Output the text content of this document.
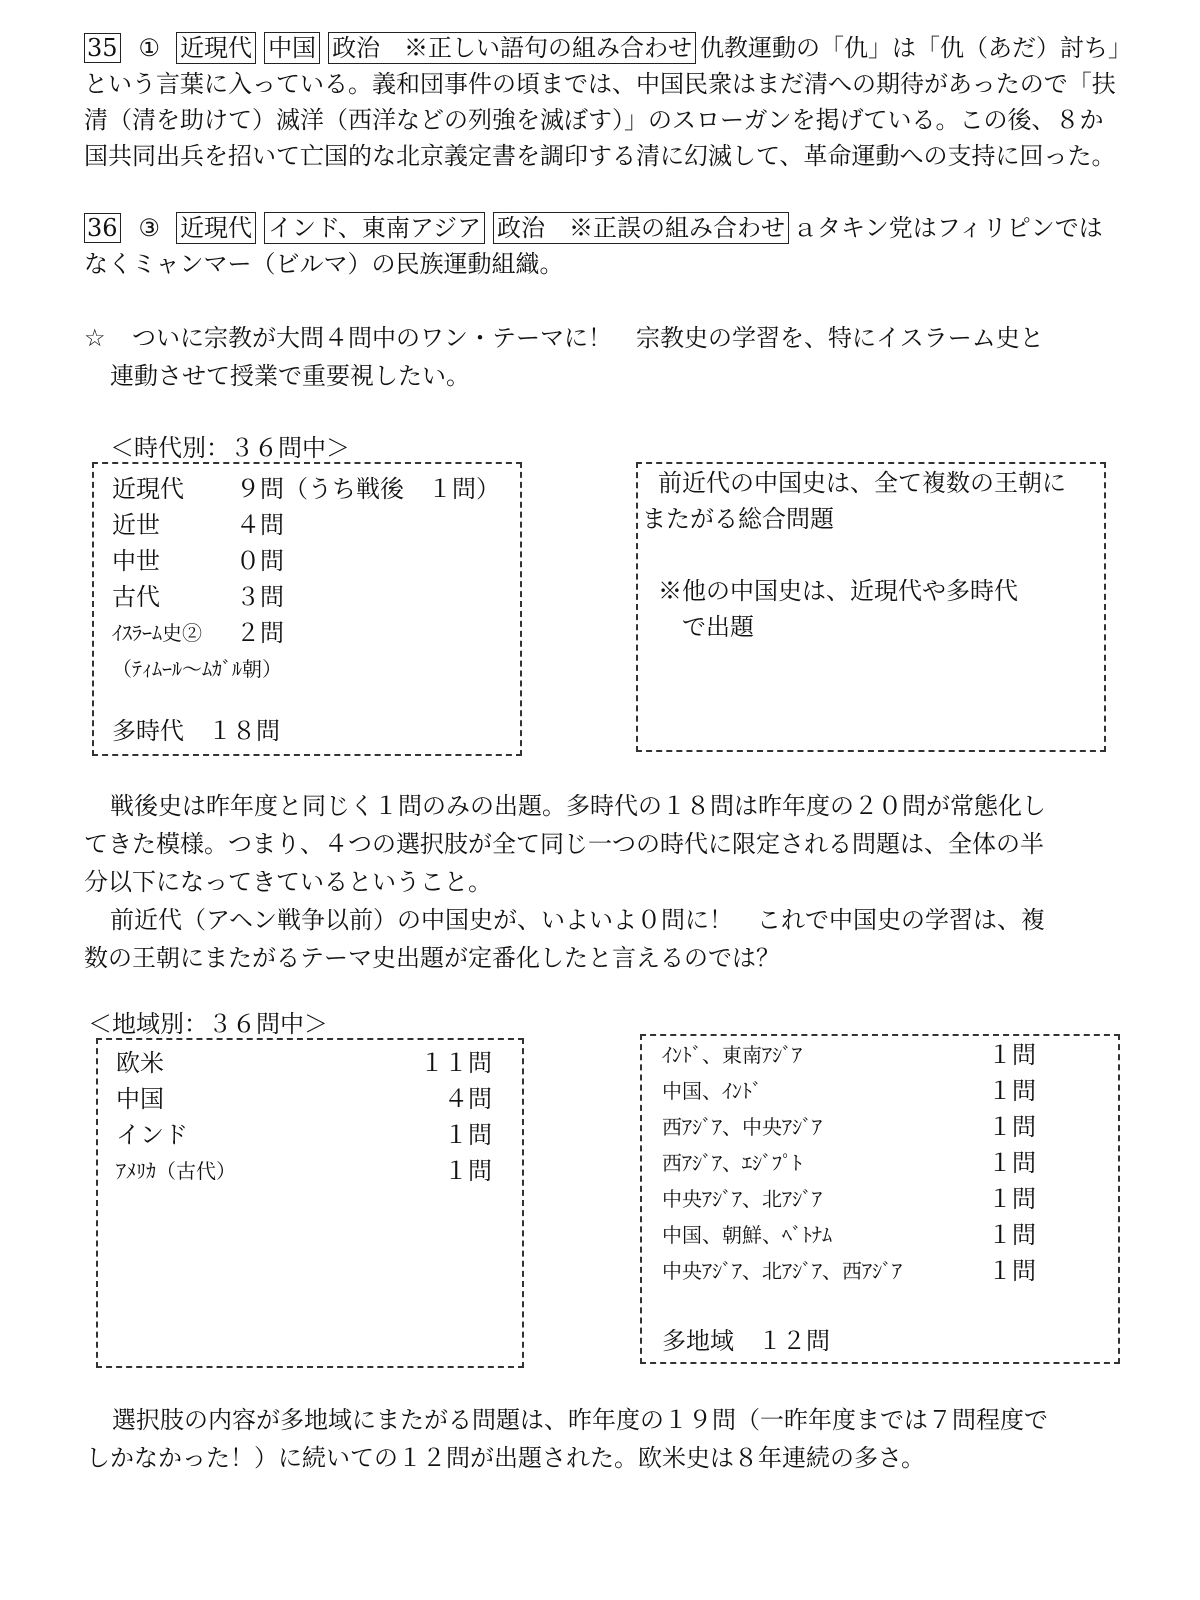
35 ① 近現代 中国 政治　※正しい語句の組み合わせ 仇教運動の「仇」は「仇（あだ）討ち」という言葉に入っている。義和団事件の頃までは、中国民衆はまだ清への期待があったので「扶清（清を助けて）滅洋（西洋などの列強を滅ぼす）」のスローガンを掲げている。この後、８か国共同出兵を招いて亡国的な北京義定書を調印する清に幻滅して、革命運動への支持に回った。

36 ③ 近現代 インド、東南アジア 政治　※正誤の組み合わせ ａタキン党はフィリピンではなくミャンマー（ビルマ）の民族運動組織。

☆ ついに宗教が大問４問中のワン・テーマに！　宗教史の学習を、特にイスラーム史と
連動させて授業で重要視したい。
＜時代別：３６問中＞
近現代 ９問（うち戦後　１問）
近世	４問
中世	０問
古代	３問
ｲｽﾗｰﾑ史② ２問
（ﾃｨﾑｰﾙ〜ﾑｶﾞﾙ朝）
多時代　１８問
前近代の中国史は、全て複数の王朝に
またがる総合問題
※他の中国史は、近現代や多時代
で出題
戦後史は昨年度と同じく１問のみの出題。多時代の１８問は昨年度の２０問が常態化し
てきた模様。つまり、４つの選択肢が全て同じ一つの時代に限定される問題は、全体の半
分以下になってきているということ。
前近代（アヘン戦争以前）の中国史が、いよいよ０問に！　これで中国史の学習は、複
数の王朝にまたがるテーマ史出題が定番化したと言えるのでは？
＜地域別：３６問中＞
欧米	１１問
中国	４問
インド	１問
ｱﾒﾘｶ（古代）	１問
ｲﾝﾄﾞ、東南ｱｼﾞｱ	１問
中国、ｲﾝﾄﾞ	１問
西ｱｼﾞｱ、中央ｱｼﾞｱ	１問
西ｱｼﾞｱ、ｴｼﾞﾌﾟﾄ	１問
中央ｱｼﾞｱ、北ｱｼﾞｱ	１問
中国、朝鮮、ﾍﾞﾄﾅﾑ	１問
中央ｱｼﾞｱ、北ｱｼﾞｱ、西ｱｼﾞｱ	１問
多地域　１２問
選択肢の内容が多地域にまたがる問題は、昨年度の１９問（一昨年度までは７問程度で
しかなかった！）に続いての１２問が出題された。欧米史は８年連続の多さ。
